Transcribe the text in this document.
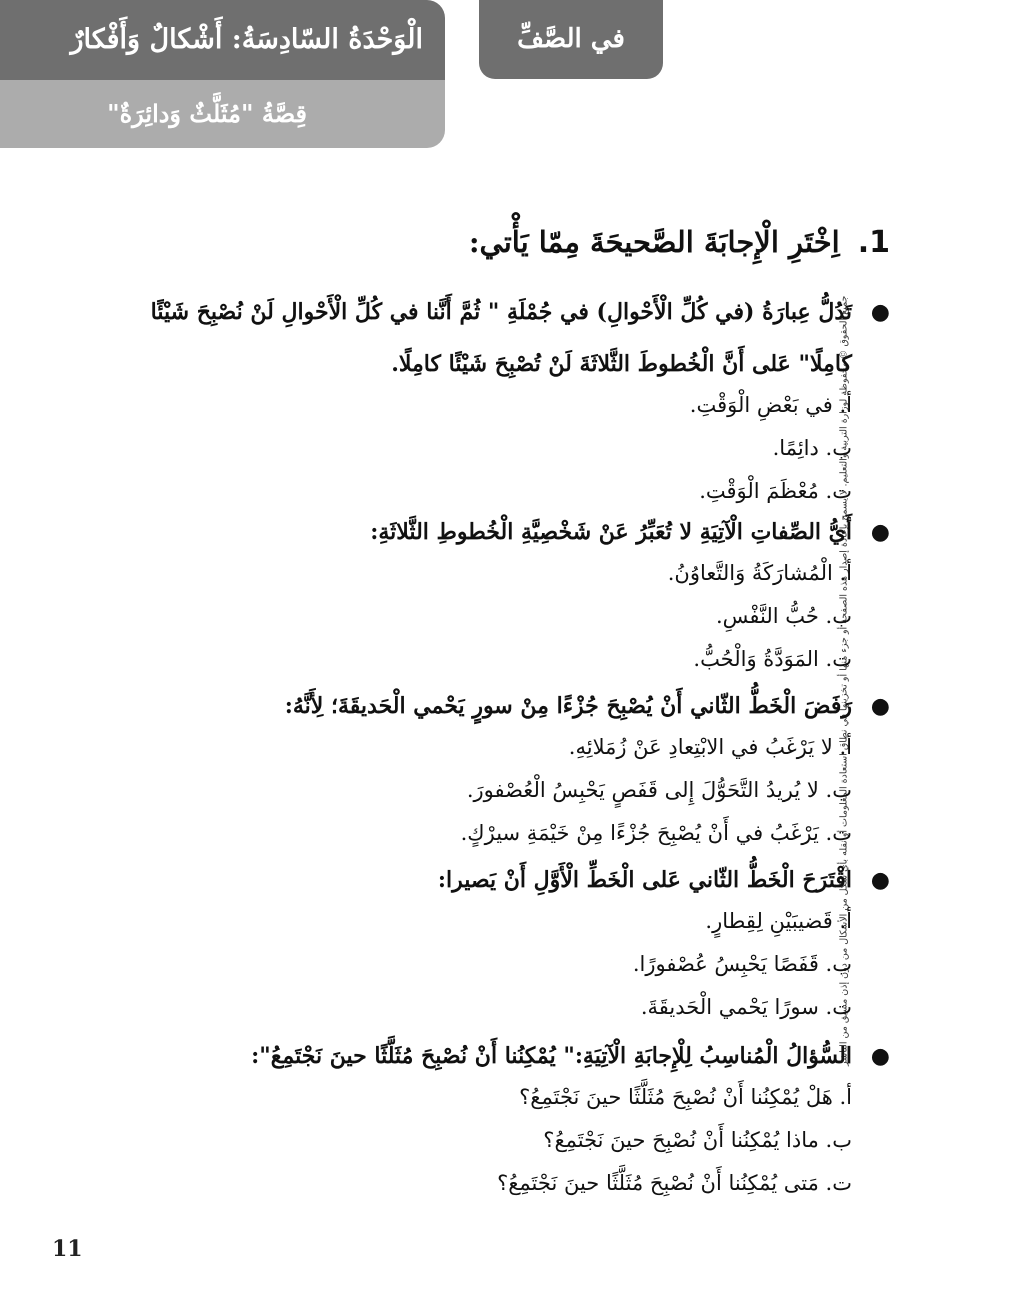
الْوَحْدَةُ السّادِسَةُ: أَشْكالٌ وَأَفْكارٌ
قِصَّةُ "مُثَلَّثٌ وَدائِرَةٌ"
في الصَّفِّ
جميع الحقوق © محفوظة لوزارة التربية والتعليم. لا يسمح بإعادة إصدار هذه الصفحة أو جزء منها أو تخزينها في نطاق استعادة المعلومات أو نقله بأي شكل من الأشكال من دون إذن مسبق من الناشر
1.اِخْتَرِ الْإِجابَةَ الصَّحيحَةَ مِمّا يَأْتي:
●
تَدُلُّ عِبارَةُ (في كُلِّ الْأَحْوالِ) في جُمْلَةِ " ثُمَّ أَنَّنا في كُلِّ الْأَحْوالِ لَنْ نُصْبِحَ شَيْئًا
كامِلًا" عَلى أَنَّ الْخُطوطَ الثَّلاثَةَ لَنْ تُصْبِحَ شَيْئًا كامِلًا.
أ. في بَعْضِ الْوَقْتِ.
ب. دائِمًا.
ت. مُعْظَمَ الْوَقْتِ.
●
أَيُّ الصِّفاتِ الْآتِيَةِ لا تُعَبِّرُ عَنْ شَخْصِيَّةِ الْخُطوطِ الثَّلاثَةِ:
أ. الْمُشارَكَةُ وَالتَّعاوُنُ.
ب. حُبُّ النَّفْسِ.
ت. المَوَدَّةُ وَالْحُبُّ.
●
رَفَضَ الْخَطُّ الثّاني أَنْ يُصْبِحَ جُزْءًا مِنْ سورٍ يَحْمي الْحَديقَةَ؛ لِأَنَّهُ:
أ. لا يَرْغَبُ في الابْتِعادِ عَنْ زُمَلائِهِ.
ب. لا يُريدُ التَّحَوُّلَ إِلى قَفَصٍ يَحْبِسُ الْعُصْفورَ.
ت. يَرْغَبُ في أَنْ يُصْبِحَ جُزْءًا مِنْ خَيْمَةِ سيرْكٍ.
●
اقْتَرَحَ الْخَطُّ الثّاني عَلى الْخَطِّ الْأَوَّلِ أَنْ يَصيرا:
أ. قَضيبَيْنِ لِقِطارٍ.
ب. قَفَصًا يَحْبِسُ عُصْفورًا.
ت. سورًا يَحْمي الْحَديقَةَ.
●
السُّؤالُ الْمُناسِبُ لِلْإِجابَةِ الْآتِيَةِ:" يُمْكِنُنا أَنْ نُصْبِحَ مُثَلَّثًا حينَ نَجْتَمِعُ":
أ. هَلْ يُمْكِنُنا أَنْ نُصْبِحَ مُثَلَّثًا حينَ نَجْتَمِعُ؟
ب. ماذا يُمْكِنُنا أَنْ نُصْبِحَ حينَ نَجْتَمِعُ؟
ت. مَتى يُمْكِنُنا أَنْ نُصْبِحَ مُثَلَّثًا حينَ نَجْتَمِعُ؟
11
